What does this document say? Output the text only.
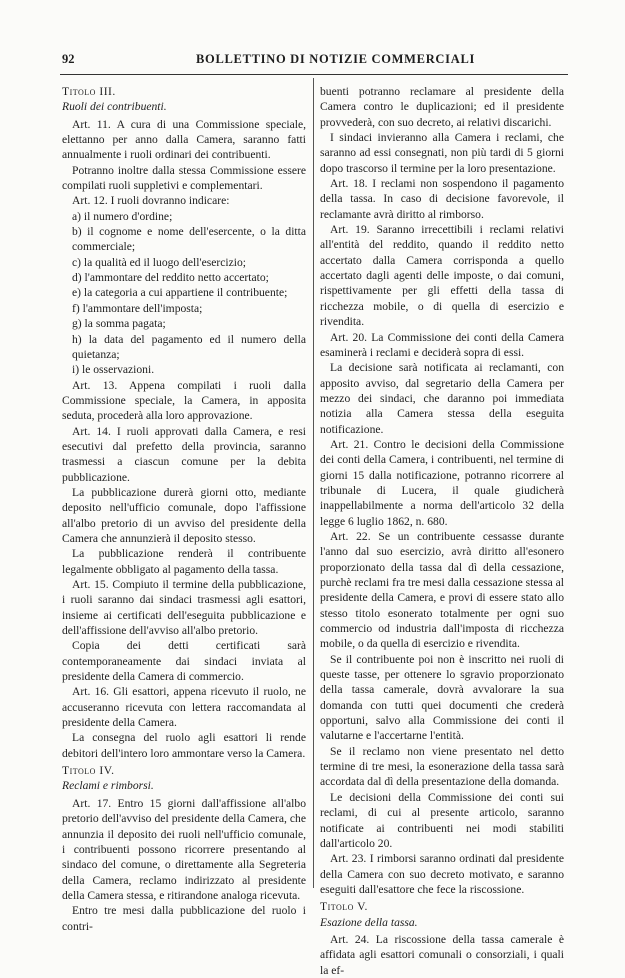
92	BOLLETTINO DI NOTIZIE COMMERCIALI

Titolo III.

Ruoli dei contribuenti.

Art. 11. A cura di una Commissione speciale, elettanno per anno dalla Camera, saranno fatti annualmente i ruoli ordinari dei contribuenti.

Potranno inoltre dalla stessa Commissione essere compilati ruoli suppletivi e complementari.

Art. 12. I ruoli dovranno indicare:

a) il numero d'ordine;

b) il cognome e nome dell'esercente, o la ditta commerciale;

c) la qualità ed il luogo dell'esercizio;

d) l'ammontare del reddito netto accertato;

e) la categoria a cui appartiene il contribuente;

f) l'ammontare dell'imposta;

g) la somma pagata;

h) la data del pagamento ed il numero della quietanza;

i) le osservazioni.

Art. 13. Appena compilati i ruoli dalla Commissione speciale, la Camera, in apposita seduta, procederà alla loro approvazione.

Art. 14. I ruoli approvati dalla Camera, e resi esecutivi dal prefetto della provincia, saranno trasmessi a ciascun comune per la debita pubblicazione.

La pubblicazione durerà giorni otto, mediante deposito nell'ufficio comunale, dopo l'affissione all'albo pretorio di un avviso del presidente della Camera che annunzierà il deposito stesso.

La pubblicazione renderà il contribuente legalmente obbligato al pagamento della tassa.

Art. 15. Compiuto il termine della pubblicazione, i ruoli saranno dai sindaci trasmessi agli esattori, insieme ai certificati dell'eseguita pubblicazione e dell'affissione dell'avviso all'albo pretorio.

Copia dei detti certificati sarà contemporaneamente dai sindaci inviata al presidente della Camera di commercio.

Art. 16. Gli esattori, appena ricevuto il ruolo, ne accuseranno ricevuta con lettera raccomandata al presidente della Camera.

La consegna del ruolo agli esattori li rende debitori dell'intero loro ammontare verso la Camera.

Titolo IV.

Reclami e rimborsi.

Art. 17. Entro 15 giorni dall'affissione all'albo pretorio dell'avviso del presidente della Camera, che annunzia il deposito dei ruoli nell'ufficio comunale, i contribuenti possono ricorrere presentando al sindaco del comune, o direttamente alla Segreteria della Camera, reclamo indirizzato al presidente della Camera stessa, e ritirandone analoga ricevuta.

Entro tre mesi dalla pubblicazione del ruolo i contri-

buenti potranno reclamare al presidente della Camera contro le duplicazioni; ed il presidente provvederà, con suo decreto, ai relativi discarichi.

I sindaci invieranno alla Camera i reclami, che saranno ad essi consegnati, non più tardi di 5 giorni dopo trascorso il termine per la loro presentazione.

Art. 18. I reclami non sospendono il pagamento della tassa. In caso di decisione favorevole, il reclamante avrà diritto al rimborso.

Art. 19. Saranno irrecettibili i reclami relativi all'entità del reddito, quando il reddito netto accertato dalla Camera corrisponda a quello accertato dagli agenti delle imposte, o dai comuni, rispettivamente per gli effetti della tassa di ricchezza mobile, o di quella di esercizio e rivendita.

Art. 20. La Commissione dei conti della Camera esaminerà i reclami e deciderà sopra di essi.

La decisione sarà notificata ai reclamanti, con apposito avviso, dal segretario della Camera per mezzo dei sindaci, che daranno poi immediata notizia alla Camera stessa della eseguita notificazione.

Art. 21. Contro le decisioni della Commissione dei conti della Camera, i contribuenti, nel termine di giorni 15 dalla notificazione, potranno ricorrere al tribunale di Lucera, il quale giudicherà inappellabilmente a norma dell'articolo 32 della legge 6 luglio 1862, n. 680.

Art. 22. Se un contribuente cessasse durante l'anno dal suo esercizio, avrà diritto all'esonero proporzionato della tassa dal dì della cessazione, purchè reclami fra tre mesi dalla cessazione stessa al presidente della Camera, e provi di essere stato allo stesso titolo esonerato totalmente per ogni suo commercio od industria dall'imposta di ricchezza mobile, o da quella di esercizio e rivendita.

Se il contribuente poi non è inscritto nei ruoli di queste tasse, per ottenere lo sgravio proporzionato della tassa camerale, dovrà avvalorare la sua domanda con tutti quei documenti che crederà opportuni, salvo alla Commissione dei conti il valutarne e l'accertarne l'entità.

Se il reclamo non viene presentato nel detto termine di tre mesi, la esonerazione della tassa sarà accordata dal dì della presentazione della domanda.

Le decisioni della Commissione dei conti sui reclami, di cui al presente articolo, saranno notificate ai contribuenti nei modi stabiliti dall'articolo 20.

Art. 23. I rimborsi saranno ordinati dal presidente della Camera con suo decreto motivato, e saranno eseguiti dall'esattore che fece la riscossione.

Titolo V.

Esazione della tassa.

Art. 24. La riscossione della tassa camerale è affidata agli esattori comunali o consorziali, i quali la ef-
